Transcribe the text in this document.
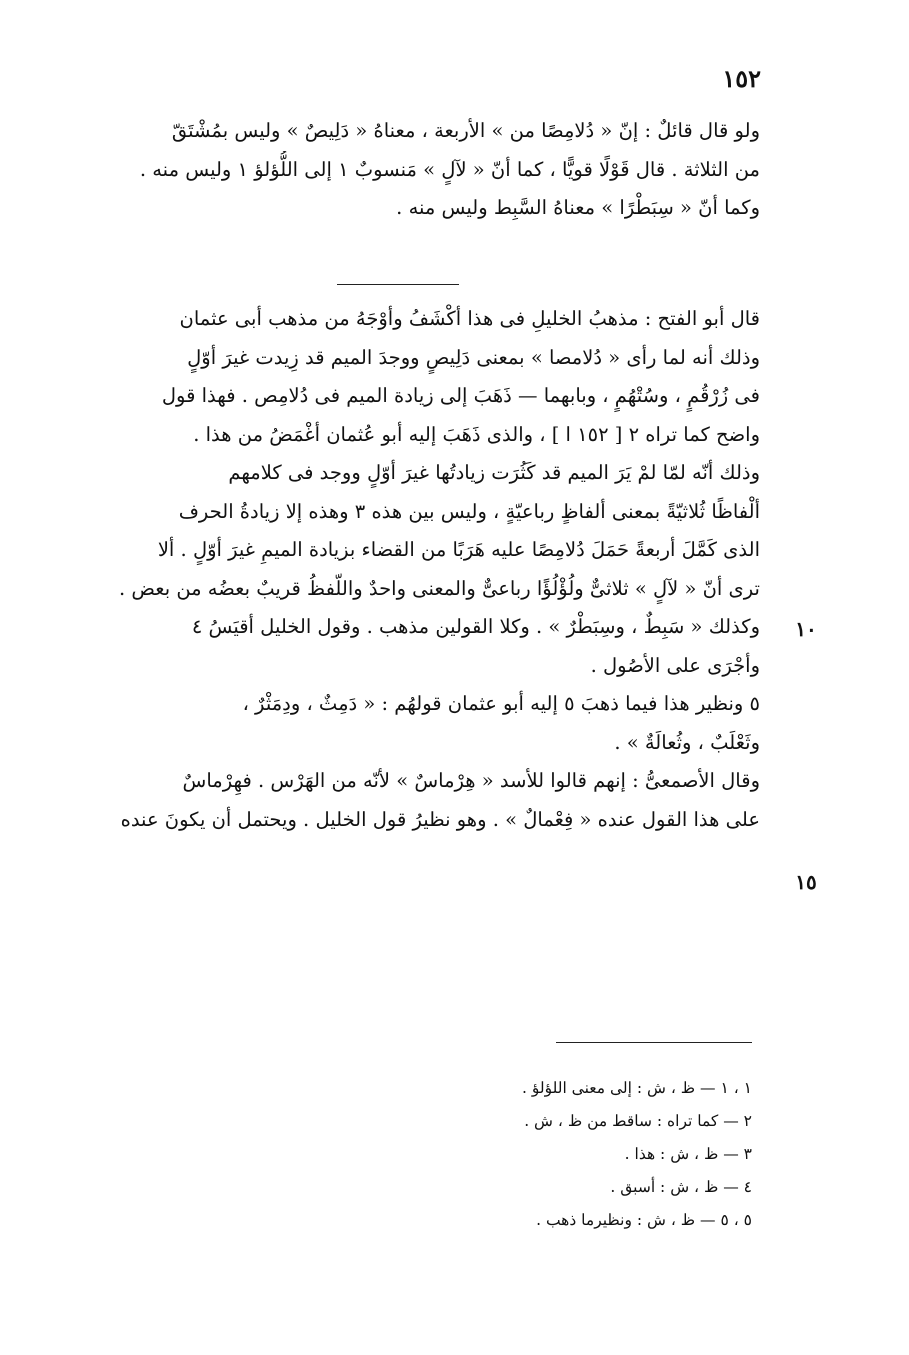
١٥٢
ولو قال قائلٌ : إنّ « دُلامِصًا من » الأربعة ، معناهُ « دَلِيصٌ » وليس بمُشْتَقّ
من الثلاثة . قال قَوْلًا قويًّا ، كما أنّ « لآلٍ » مَنسوبٌ ١ إلى اللُّؤلؤ ١ وليس منه .
وكما أنّ « سِبَطْرًا » معناهُ السَّبِط وليس منه .
قال أبو الفتح : مذهبُ الخليلِ فى هذا أكْشَفُ وأوْجَهُ من مذهب أبى عثمان
وذلك أنه لما رأى « دُلامصا » بمعنى دَلِيصٍ ووجدَ الميم قد زِيدت غيرَ أوّلٍ
فى زُرْقُمٍ ، وسُتْهُمٍ ، وبابهما — ذَهَبَ إلى زيادة الميم فى دُلامِص . فهذا قول
واضح كما تراه ٢ [ ١٥٢ ا ] ، والذى ذَهَبَ إليه أبو عُثمان أغْمَضُ من هذا .
وذلك أنّه لمّا لمْ يَرَ الميم قد كَثُرَت زيادتُها غيرَ أوّلٍ ووجد فى كلامهم
ألْفاظًا ثُلاثيّةً بمعنى ألفاظٍ رباعيّةٍ ، وليس بين هذه ٣ وهذه إلا زيادةُ الحرف
الذى كَمَّلَ أربعةً حَمَلَ دُلامِصًا عليه هَرَبًا من القضاء بزيادة الميمِ غيرَ أوّلٍ . ألا
ترى أنّ « لآلٍ » ثلاثىٌّ ولُؤْلُؤًا رباعىٌّ والمعنى واحدٌ واللّفظُ قريبٌ بعضُه من بعض .
وكذلك « سَبِطٌ ، وسِبَطْرٌ » . وكلا القولين مذهب . وقول الخليل أقيَسُ ٤
وأجْرَى على الأصُول .
٥ ونظير هذا فيما ذهبَ ٥ إليه أبو عثمان قولهُم : « دَمِثٌ ، ودِمَثْرٌ ،
وثَعْلَبٌ ، وثُعالَةٌ » .
وقال الأصمعىُّ : إنهم قالوا للأسد « هِرْماسٌ » لأنّه من الهَرْس . فهِرْماسٌ
على هذا القول عنده « فِعْمالٌ » . وهو نظيرُ قول الخليل . ويحتمل أن يكونَ عنده
١٠
١٥
١ ، ١ — ظ ، ش : إلى معنى اللؤلؤ .
٢ — كما تراه : ساقط من ظ ، ش .
٣ — ظ ، ش : هذا .
٤ — ظ ، ش : أسبق .
٥ ، ٥ — ظ ، ش : ونظيرما ذهب .
